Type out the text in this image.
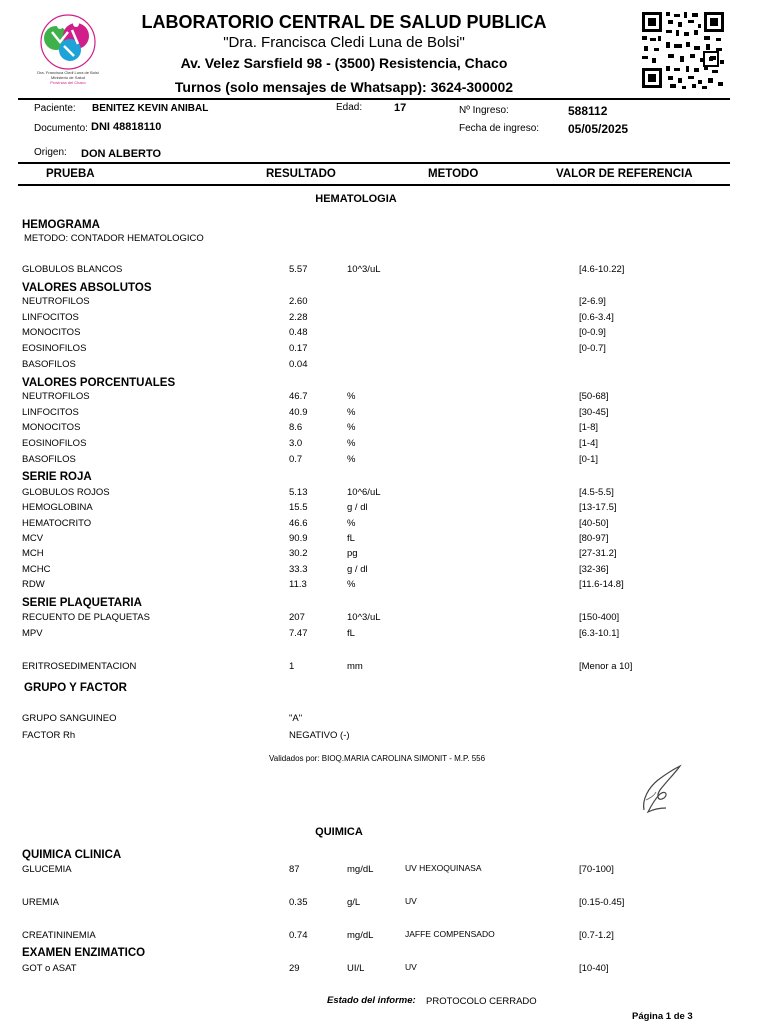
Dra. Francisca Cledi Luna de Bolsi
Ministerio de Salud
Provincia del Chaco
LABORATORIO CENTRAL DE SALUD PUBLICA
"Dra. Francisca Cledi Luna de Bolsi"
Av. Velez Sarsfield 98 - (3500) Resistencia, Chaco
Turnos (solo mensajes de Whatsapp): 3624-300002
Paciente: BENITEZ KEVIN ANIBAL	Edad:	17	Nº Ingreso:	588112
Documento: DNI 48818110	Fecha de ingreso: 05/05/2025
Origen: DON ALBERTO
PRUEBA	RESULTADO	METODO	VALOR DE REFERENCIA
HEMATOLOGIA
HEMOGRAMA
METODO: CONTADOR HEMATOLOGICO
GLOBULOS BLANCOS	5.57	10^3/uL	[4.6-10.22]
VALORES ABSOLUTOS
NEUTROFILOS	2.60	[2-6.9]
LINFOCITOS	2.28	[0.6-3.4]
MONOCITOS	0.48	[0-0.9]
EOSINOFILOS	0.17	[0-0.7]
BASOFILOS	0.04
VALORES PORCENTUALES
NEUTROFILOS	46.7	%	[50-68]
LINFOCITOS	40.9	%	[30-45]
MONOCITOS	8.6	%	[1-8]
EOSINOFILOS	3.0	%	[1-4]
BASOFILOS	0.7	%	[0-1]
SERIE ROJA
GLOBULOS ROJOS	5.13	10^6/uL	[4.5-5.5]
HEMOGLOBINA	15.5	g / dl	[13-17.5]
HEMATOCRITO	46.6	%	[40-50]
MCV	90.9	fL	[80-97]
MCH	30.2	pg	[27-31.2]
MCHC	33.3	g / dl	[32-36]
RDW	11.3	%	[11.6-14.8]
SERIE PLAQUETARIA
RECUENTO DE PLAQUETAS	207	10^3/uL	[150-400]
MPV	7.47	fL	[6.3-10.1]
ERITROSEDIMENTACION	1	mm	[Menor a 10]
GRUPO Y FACTOR
GRUPO SANGUINEO	"A"
FACTOR Rh	NEGATIVO (-)
Validados por: BIOQ.MARIA CAROLINA SIMONIT - M.P. 556
QUIMICA
QUIMICA CLINICA
GLUCEMIA	87	mg/dL	UV HEXOQUINASA	[70-100]
UREMIA	0.35	g/L	UV	[0.15-0.45]
CREATININEMIA	0.74	mg/dL	JAFFE COMPENSADO	[0.7-1.2]
EXAMEN ENZIMATICO
GOT o ASAT	29	UI/L	UV	[10-40]
Estado del informe: PROTOCOLO CERRADO
Página 1 de 3
